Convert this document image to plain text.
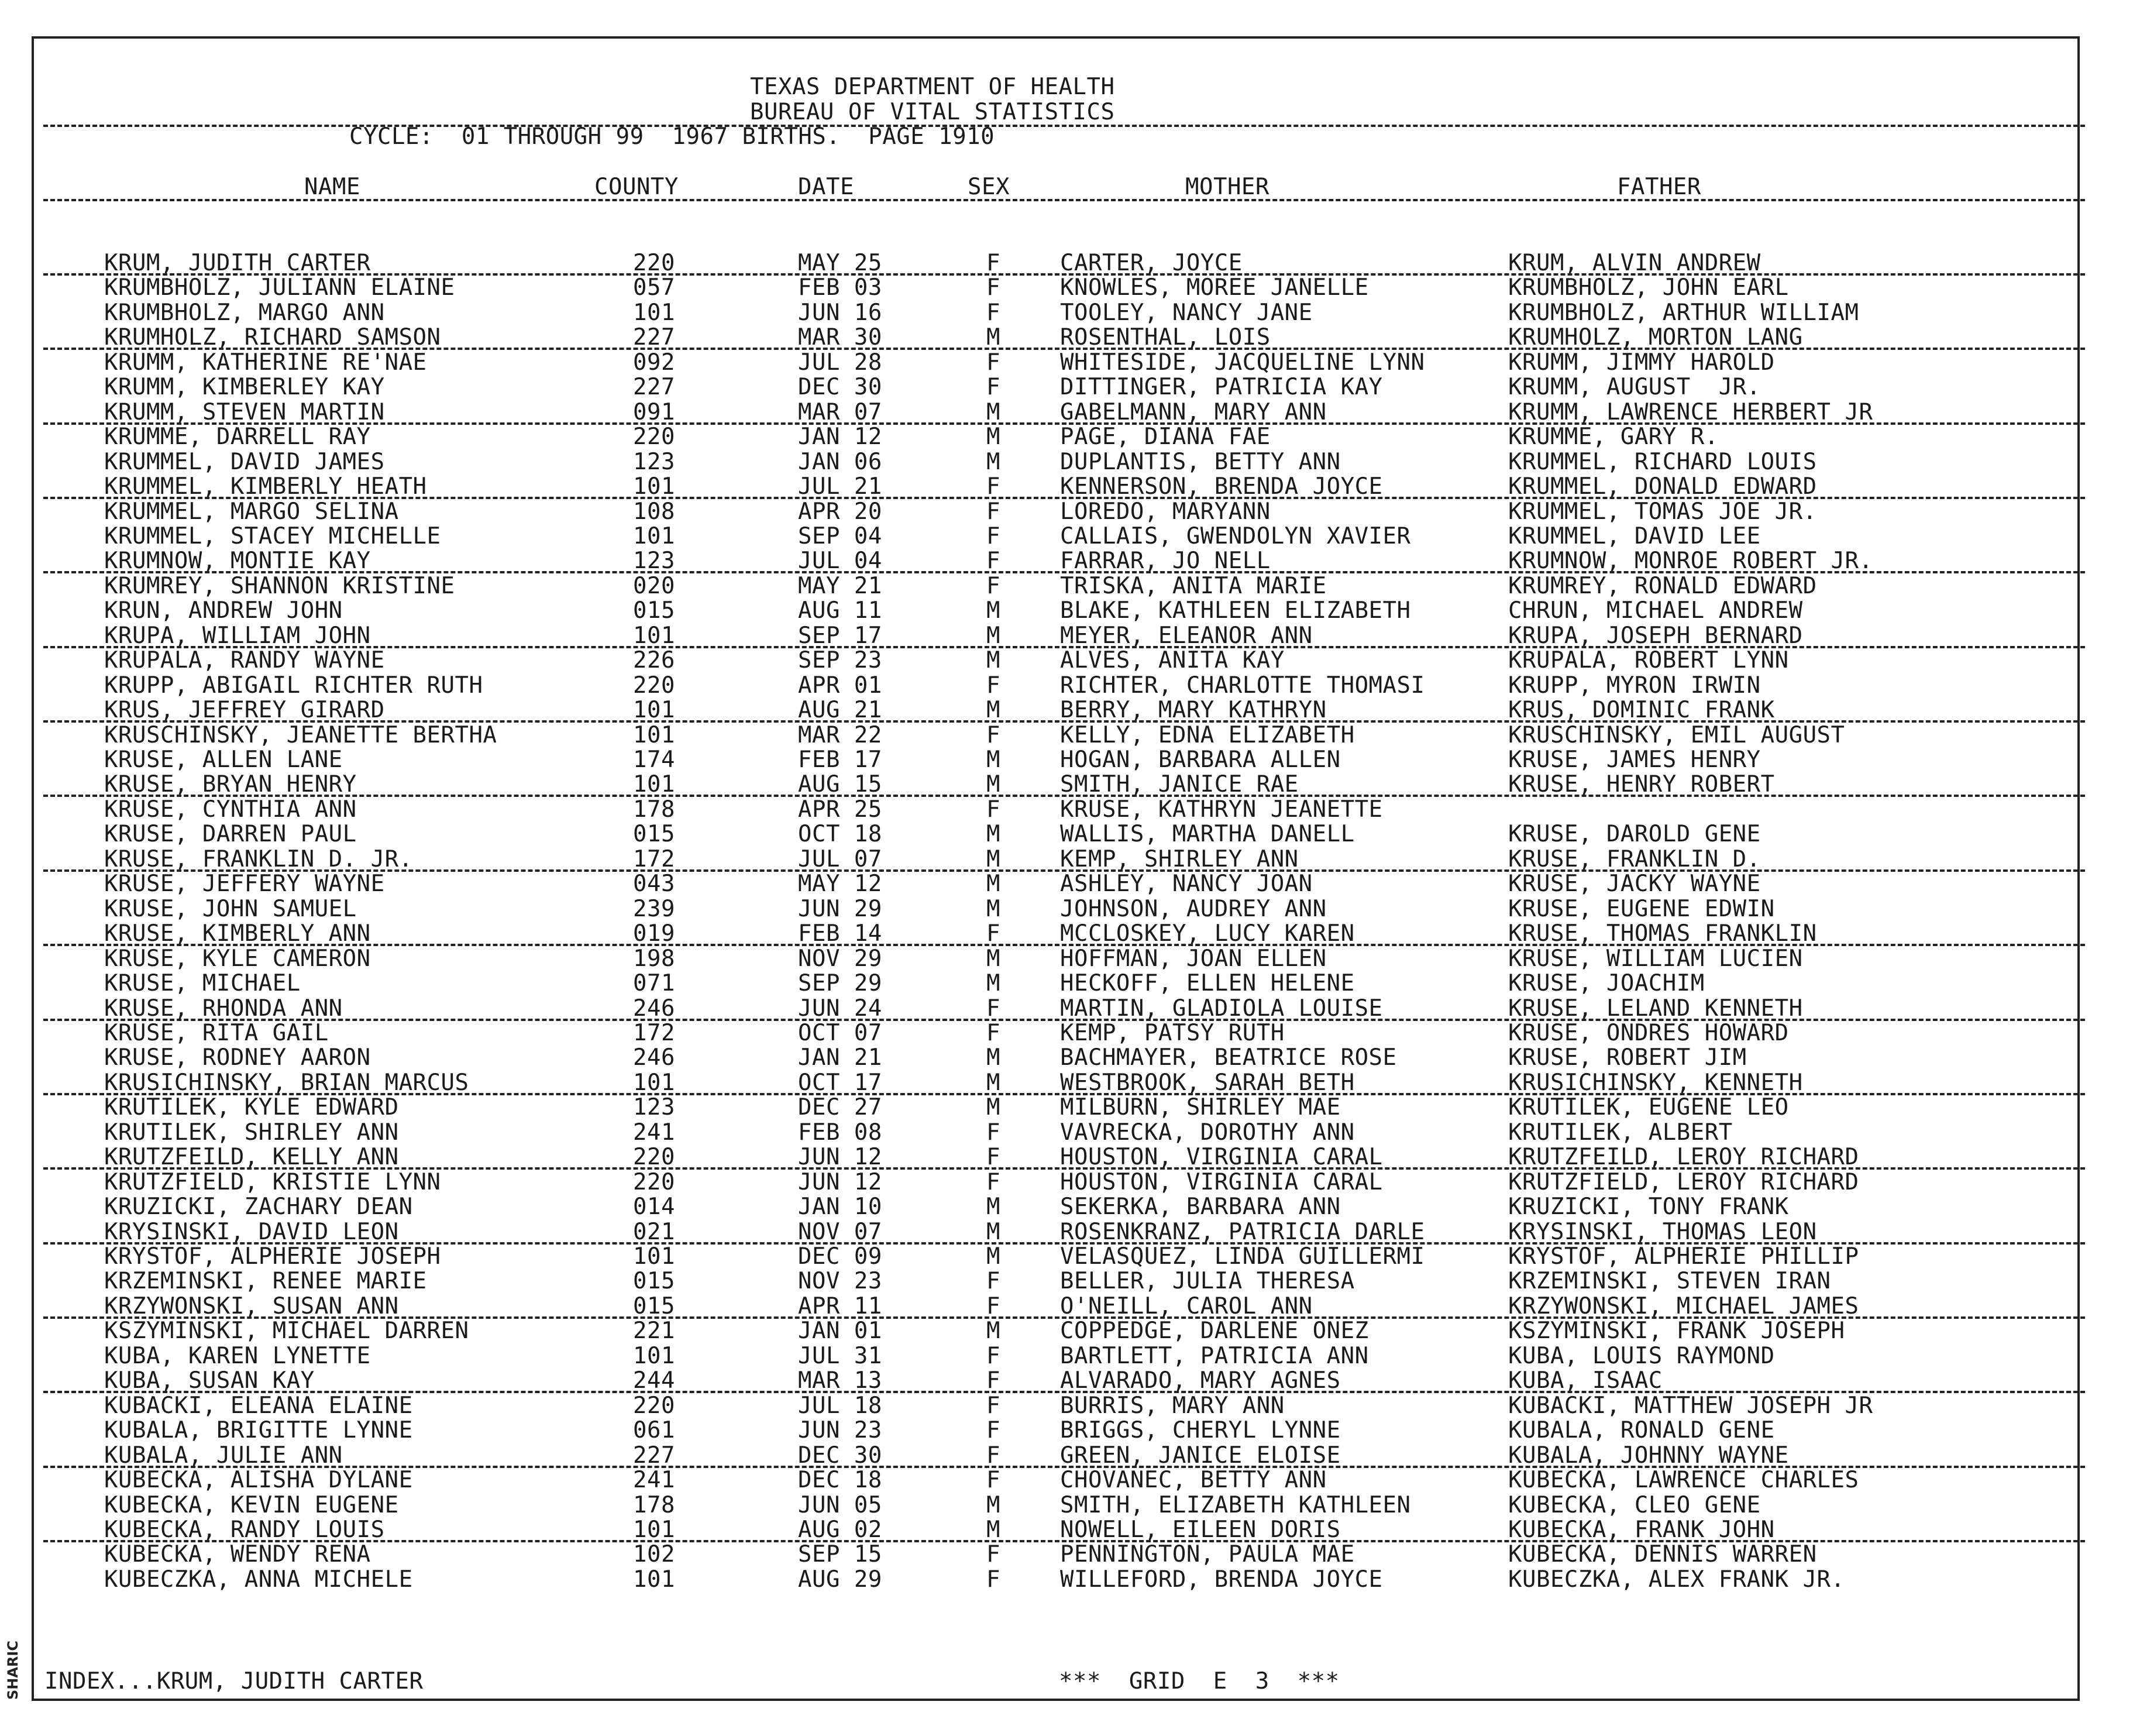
TEXAS DEPARTMENT OF HEALTH
BUREAU OF VITAL STATISTICS
CYCLE:  01 THROUGH 99  1967 BIRTHS.  PAGE 1910
NAME	COUNTY	DATE	SEX	MOTHER	FATHER
KRUM, JUDITH CARTER	220	MAY 25	F	CARTER, JOYCE	KRUM, ALVIN ANDREW
KRUMBHOLZ, JULIANN ELAINE	057	FEB 03	F	KNOWLES, MOREE JANELLE	KRUMBHOLZ, JOHN EARL
KRUMBHOLZ, MARGO ANN	101	JUN 16	F	TOOLEY, NANCY JANE	KRUMBHOLZ, ARTHUR WILLIAM
KRUMHOLZ, RICHARD SAMSON	227	MAR 30	M	ROSENTHAL, LOIS	KRUMHOLZ, MORTON LANG
KRUMM, KATHERINE RE'NAE	092	JUL 28	F	WHITESIDE, JACQUELINE LYNN	KRUMM, JIMMY HAROLD
KRUMM, KIMBERLEY KAY	227	DEC 30	F	DITTINGER, PATRICIA KAY	KRUMM, AUGUST  JR.
KRUMM, STEVEN MARTIN	091	MAR 07	M	GABELMANN, MARY ANN	KRUMM, LAWRENCE HERBERT JR
KRUMME, DARRELL RAY	220	JAN 12	M	PAGE, DIANA FAE	KRUMME, GARY R.
KRUMMEL, DAVID JAMES	123	JAN 06	M	DUPLANTIS, BETTY ANN	KRUMMEL, RICHARD LOUIS
KRUMMEL, KIMBERLY HEATH	101	JUL 21	F	KENNERSON, BRENDA JOYCE	KRUMMEL, DONALD EDWARD
KRUMMEL, MARGO SELINA	108	APR 20	F	LOREDO, MARYANN	KRUMMEL, TOMAS JOE JR.
KRUMMEL, STACEY MICHELLE	101	SEP 04	F	CALLAIS, GWENDOLYN XAVIER	KRUMMEL, DAVID LEE
KRUMNOW, MONTIE KAY	123	JUL 04	F	FARRAR, JO NELL	KRUMNOW, MONROE ROBERT JR.
KRUMREY, SHANNON KRISTINE	020	MAY 21	F	TRISKA, ANITA MARIE	KRUMREY, RONALD EDWARD
KRUN, ANDREW JOHN	015	AUG 11	M	BLAKE, KATHLEEN ELIZABETH	CHRUN, MICHAEL ANDREW
KRUPA, WILLIAM JOHN	101	SEP 17	M	MEYER, ELEANOR ANN	KRUPA, JOSEPH BERNARD
KRUPALA, RANDY WAYNE	226	SEP 23	M	ALVES, ANITA KAY	KRUPALA, ROBERT LYNN
KRUPP, ABIGAIL RICHTER RUTH	220	APR 01	F	RICHTER, CHARLOTTE THOMASI	KRUPP, MYRON IRWIN
KRUS, JEFFREY GIRARD	101	AUG 21	M	BERRY, MARY KATHRYN	KRUS, DOMINIC FRANK
KRUSCHINSKY, JEANETTE BERTHA	101	MAR 22	F	KELLY, EDNA ELIZABETH	KRUSCHINSKY, EMIL AUGUST
KRUSE, ALLEN LANE	174	FEB 17	M	HOGAN, BARBARA ALLEN	KRUSE, JAMES HENRY
KRUSE, BRYAN HENRY	101	AUG 15	M	SMITH, JANICE RAE	KRUSE, HENRY ROBERT
KRUSE, CYNTHIA ANN	178	APR 25	F	KRUSE, KATHRYN JEANETTE
KRUSE, DARREN PAUL	015	OCT 18	M	WALLIS, MARTHA DANELL	KRUSE, DAROLD GENE
KRUSE, FRANKLIN D. JR.	172	JUL 07	M	KEMP, SHIRLEY ANN	KRUSE, FRANKLIN D.
KRUSE, JEFFERY WAYNE	043	MAY 12	M	ASHLEY, NANCY JOAN	KRUSE, JACKY WAYNE
KRUSE, JOHN SAMUEL	239	JUN 29	M	JOHNSON, AUDREY ANN	KRUSE, EUGENE EDWIN
KRUSE, KIMBERLY ANN	019	FEB 14	F	MCCLOSKEY, LUCY KAREN	KRUSE, THOMAS FRANKLIN
KRUSE, KYLE CAMERON	198	NOV 29	M	HOFFMAN, JOAN ELLEN	KRUSE, WILLIAM LUCIEN
KRUSE, MICHAEL	071	SEP 29	M	HECKOFF, ELLEN HELENE	KRUSE, JOACHIM
KRUSE, RHONDA ANN	246	JUN 24	F	MARTIN, GLADIOLA LOUISE	KRUSE, LELAND KENNETH
KRUSE, RITA GAIL	172	OCT 07	F	KEMP, PATSY RUTH	KRUSE, ONDRES HOWARD
KRUSE, RODNEY AARON	246	JAN 21	M	BACHMAYER, BEATRICE ROSE	KRUSE, ROBERT JIM
KRUSICHINSKY, BRIAN MARCUS	101	OCT 17	M	WESTBROOK, SARAH BETH	KRUSICHINSKY, KENNETH
KRUTILEK, KYLE EDWARD	123	DEC 27	M	MILBURN, SHIRLEY MAE	KRUTILEK, EUGENE LEO
KRUTILEK, SHIRLEY ANN	241	FEB 08	F	VAVRECKA, DOROTHY ANN	KRUTILEK, ALBERT
KRUTZFEILD, KELLY ANN	220	JUN 12	F	HOUSTON, VIRGINIA CARAL	KRUTZFEILD, LEROY RICHARD
KRUTZFIELD, KRISTIE LYNN	220	JUN 12	F	HOUSTON, VIRGINIA CARAL	KRUTZFIELD, LEROY RICHARD
KRUZICKI, ZACHARY DEAN	014	JAN 10	M	SEKERKA, BARBARA ANN	KRUZICKI, TONY FRANK
KRYSINSKI, DAVID LEON	021	NOV 07	M	ROSENKRANZ, PATRICIA DARLE	KRYSINSKI, THOMAS LEON
KRYSTOF, ALPHERIE JOSEPH	101	DEC 09	M	VELASQUEZ, LINDA GUILLERMI	KRYSTOF, ALPHERIE PHILLIP
KRZEMINSKI, RENEE MARIE	015	NOV 23	F	BELLER, JULIA THERESA	KRZEMINSKI, STEVEN IRAN
KRZYWONSKI, SUSAN ANN	015	APR 11	F	O'NEILL, CAROL ANN	KRZYWONSKI, MICHAEL JAMES
KSZYMINSKI, MICHAEL DARREN	221	JAN 01	M	COPPEDGE, DARLENE ONEZ	KSZYMINSKI, FRANK JOSEPH
KUBA, KAREN LYNETTE	101	JUL 31	F	BARTLETT, PATRICIA ANN	KUBA, LOUIS RAYMOND
KUBA, SUSAN KAY	244	MAR 13	F	ALVARADO, MARY AGNES	KUBA, ISAAC
KUBACKI, ELEANA ELAINE	220	JUL 18	F	BURRIS, MARY ANN	KUBACKI, MATTHEW JOSEPH JR
KUBALA, BRIGITTE LYNNE	061	JUN 23	F	BRIGGS, CHERYL LYNNE	KUBALA, RONALD GENE
KUBALA, JULIE ANN	227	DEC 30	F	GREEN, JANICE ELOISE	KUBALA, JOHNNY WAYNE
KUBECKA, ALISHA DYLANE	241	DEC 18	F	CHOVANEC, BETTY ANN	KUBECKA, LAWRENCE CHARLES
KUBECKA, KEVIN EUGENE	178	JUN 05	M	SMITH, ELIZABETH KATHLEEN	KUBECKA, CLEO GENE
KUBECKA, RANDY LOUIS	101	AUG 02	M	NOWELL, EILEEN DORIS	KUBECKA, FRANK JOHN
KUBECKA, WENDY RENA	102	SEP 15	F	PENNINGTON, PAULA MAE	KUBECKA, DENNIS WARREN
KUBECZKA, ANNA MICHELE	101	AUG 29	F	WILLEFORD, BRENDA JOYCE	KUBECZKA, ALEX FRANK JR.
INDEX...KRUM, JUDITH CARTER	***  GRID  E  3  ***
SHARIC
